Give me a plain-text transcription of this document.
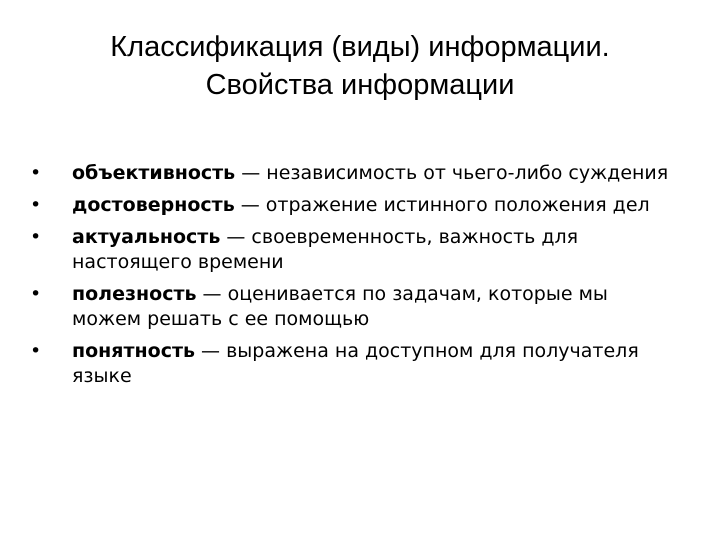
Классификация (виды) информации.
Свойства информации
• объективность — независимость от чьего-либо суждения
• достоверность — отражение истинного положения дел
• актуальность — своевременность, важность для настоящего времени
• полезность — оценивается по задачам, которые мы можем решать с ее помощью
• понятность — выражена на доступном для получателя языке
